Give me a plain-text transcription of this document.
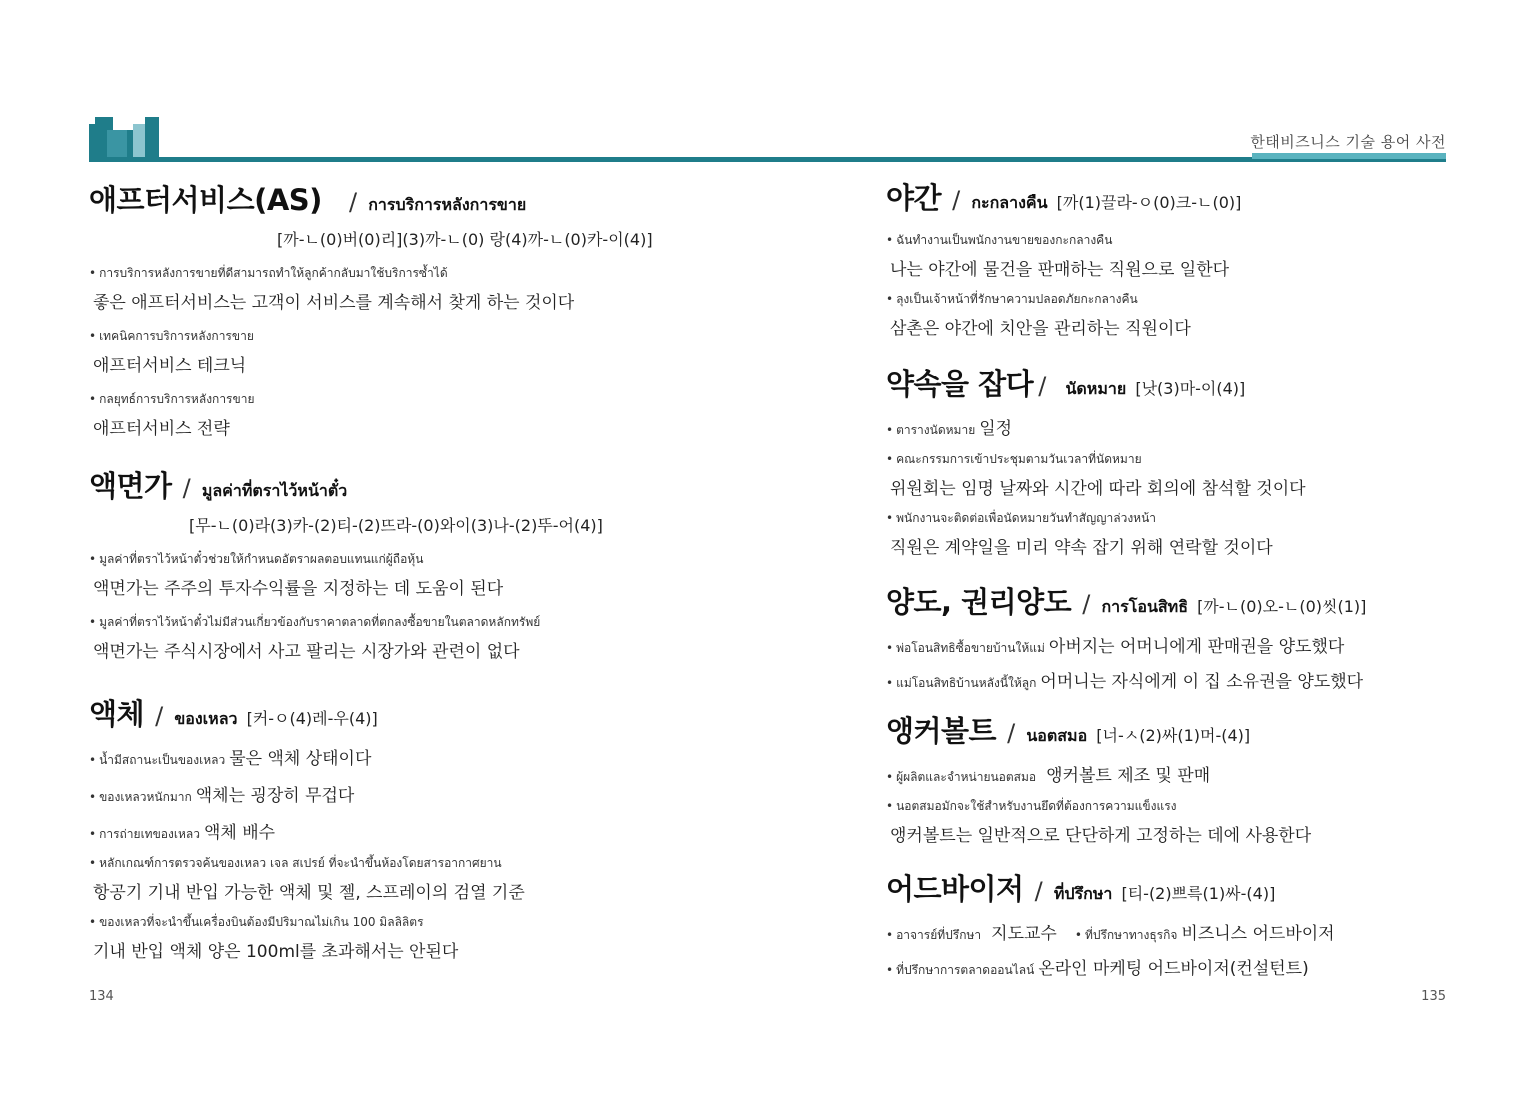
한태비즈니스 기술 용어 사전
애프터서비스(AS) / การบริการหลังการขาย
[까-ㄴ(0)버(0)리](3)까-ㄴ(0) 랑(4)까-ㄴ(0)카-이(4)]
• การบริการหลังการขายที่ดีสามารถทำให้ลูกค้ากลับมาใช้บริการซ้ำได้
좋은 애프터서비스는 고객이 서비스를 계속해서 찾게 하는 것이다
• เทคนิคการบริการหลังการขาย
애프터서비스 테크닉
• กลยุทธ์การบริการหลังการขาย
애프터서비스 전략
액면가 / มูลค่าที่ตราไว้หน้าตั๋ว
[무-ㄴ(0)라(3)카-(2)티-(2)뜨라-(0)와이(3)나-(2)뚜-어(4)]
• มูลค่าที่ตราไว้หน้าตั๋วช่วยให้กำหนดอัตราผลตอบแทนแก่ผู้ถือหุ้น
액면가는 주주의 투자수익률을 지정하는 데 도움이 된다
• มูลค่าที่ตราไว้หน้าตั๋วไม่มีส่วนเกี่ยวข้องกับราคาตลาดที่ตกลงซื้อขายในตลาดหลักทรัพย์
액면가는 주식시장에서 사고 팔리는 시장가와 관련이 없다
액체 / ของเหลว [커-ㅇ(4)레-우(4)]
• น้ำมีสถานะเป็นของเหลว 물은 액체 상태이다
• ของเหลวหนักมาก 액체는 굉장히 무겁다
• การถ่ายเทของเหลว 액체 배수
• หลักเกณฑ์การตรวจค้นของเหลว เจล สเปรย์ ที่จะนำขึ้นห้องโดยสารอากาศยาน
항공기 기내 반입 가능한 액체 및 젤, 스프레이의 검열 기준
• ของเหลวที่จะนำขึ้นเครื่องบินต้องมีปริมาณไม่เกิน 100 มิลลิลิตร
기내 반입 액체 양은 100ml를 초과해서는 안된다
134
야간 / กะกลางคืน [까(1)끌라-ㅇ(0)크-ㄴ(0)]
• ฉันทำงานเป็นพนักงานขายของกะกลางคืน
나는 야간에 물건을 판매하는 직원으로 일한다
• ลุงเป็นเจ้าหน้าที่รักษาความปลอดภัยกะกลางคืน
삼촌은 야간에 치안을 관리하는 직원이다
약속을 잡다 / นัดหมาย [낫(3)마-이(4)]
• ตารางนัดหมาย 일정
• คณะกรรมการเข้าประชุมตามวันเวลาที่นัดหมาย
위원회는 임명 날짜와 시간에 따라 회의에 참석할 것이다
• พนักงานจะติดต่อเพื่อนัดหมายวันทำสัญญาล่วงหน้า
직원은 계약일을 미리 약속 잡기 위해 연락할 것이다
양도, 권리양도 / การโอนสิทธิ [까-ㄴ(0)오-ㄴ(0)씻(1)]
• พ่อโอนสิทธิซื้อขายบ้านให้แม่ 아버지는 어머니에게 판매권을 양도했다
• แม่โอนสิทธิบ้านหลังนี้ให้ลูก 어머니는 자식에게 이 집 소유권을 양도했다
앵커볼트 / นอตสมอ [너-ㅅ(2)싸(1)머-(4)]
• ผู้ผลิตและจำหน่ายนอตสมอ 앵커볼트 제조 및 판매
• นอตสมอมักจะใช้สำหรับงานยึดที่ต้องการความแข็งแรง
앵커볼트는 일반적으로 단단하게 고정하는 데에 사용한다
어드바이저 / ที่ปรึกษา [티-(2)쁘륵(1)싸-(4)]
• อาจารย์ที่ปรึกษา 지도교수 • ที่ปรึกษาทางธุรกิจ 비즈니스 어드바이저
• ที่ปรึกษาการตลาดออนไลน์ 온라인 마케팅 어드바이저(컨설턴트)
135
